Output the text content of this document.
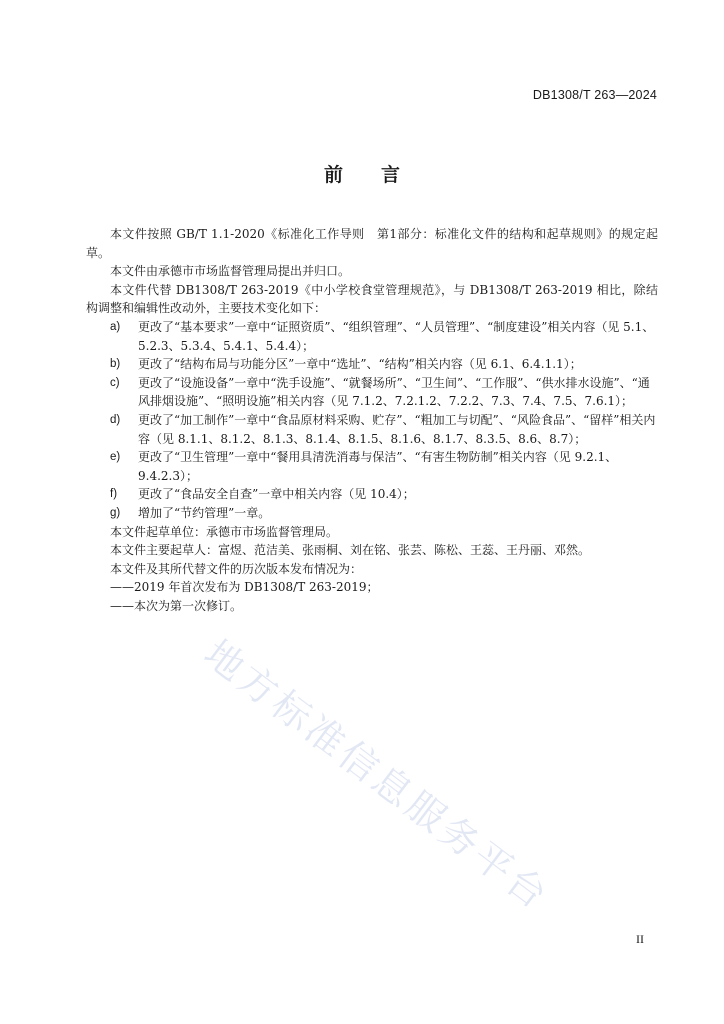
DB1308/T 263—2024
前言

本文件按照 GB/T 1.1-2020《标准化工作导则　第1部分：标准化文件的结构和起草规则》的规定起草。

本文件由承德市市场监督管理局提出并归口。

本文件代替 DB1308/T 263-2019《中小学校食堂管理规范》，与 DB1308/T 263-2019 相比，除结构调整和编辑性改动外，主要技术变化如下：

a)	更改了“基本要求”一章中“证照资质”、“组织管理”、“人员管理”、“制度建设”相关内容（见 5.1、5.2.3、5.3.4、5.4.1、5.4.4）；

b)	更改了“结构布局与功能分区”一章中“选址”、“结构”相关内容（见 6.1、6.4.1.1）；

c)	更改了“设施设备”一章中“洗手设施”、“就餐场所”、“卫生间”、“工作服”、“供水排水设施”、“通风排烟设施”、“照明设施”相关内容（见 7.1.2、7.2.1.2、7.2.2、7.3、7.4、7.5、7.6.1）；

d)	更改了“加工制作”一章中“食品原材料采购、贮存”、“粗加工与切配”、“风险食品”、“留样”相关内容（见 8.1.1、8.1.2、8.1.3、8.1.4、8.1.5、8.1.6、8.1.7、8.3.5、8.6、8.7）；

e)	更改了“卫生管理”一章中“餐用具清洗消毒与保洁”、“有害生物防制”相关内容（见 9.2.1、9.4.2.3）；

f)	更改了“食品安全自查”一章中相关内容（见 10.4）；

g)	增加了“节约管理”一章。

本文件起草单位：承德市市场监督管理局。

本文件主要起草人：富煜、范洁美、张雨桐、刘在铭、张芸、陈松、王蕊、王丹丽、邓然。

本文件及其所代替文件的历次版本发布情况为：

——2019 年首次发布为 DB1308/T 263-2019；

——本次为第一次修订。

地方标准信息服务平台
II
